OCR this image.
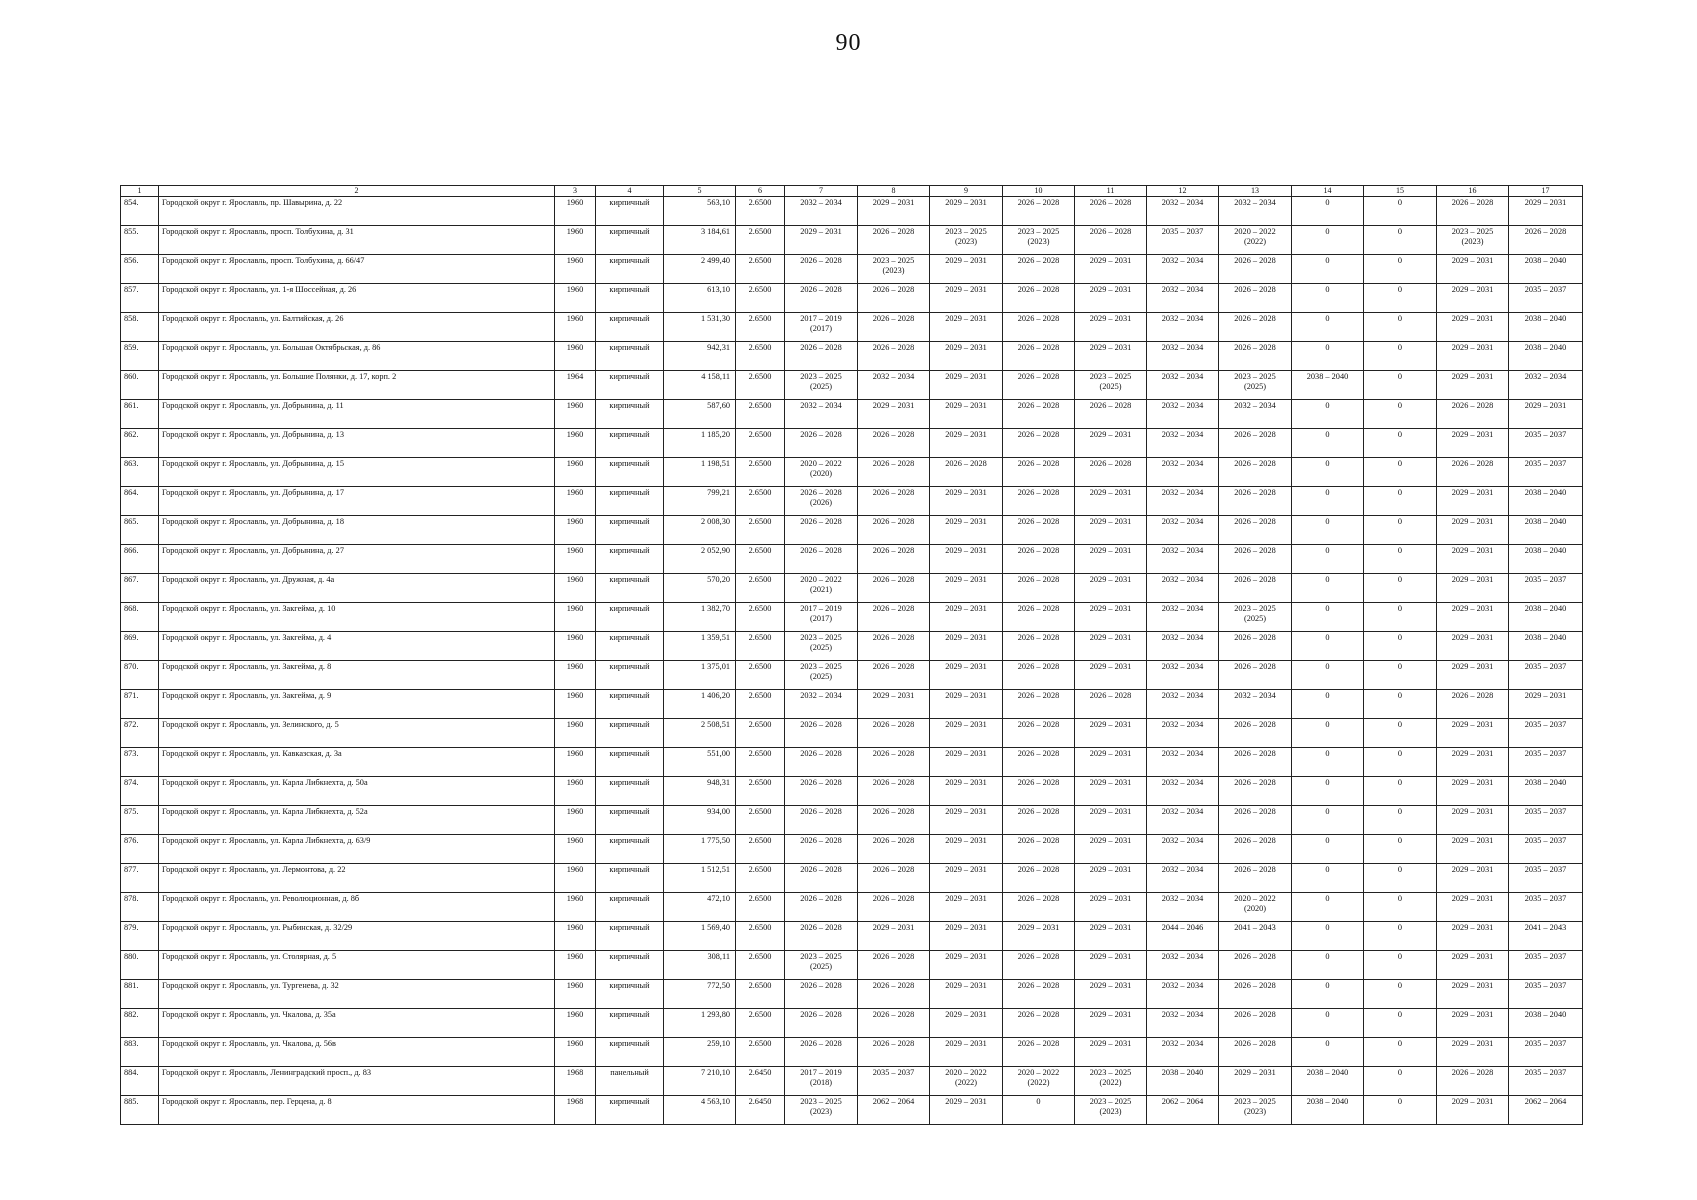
90
1	2	3	4	5	6	7	8	9	10	11	12	13	14	15	16	17
854.	Городской округ г. Ярославль, пр. Шавырина, д. 22	1960	кирпичный	563,10	2.6500	2032 – 2034	2029 – 2031	2029 – 2031	2026 – 2028	2026 – 2028	2032 – 2034	2032 – 2034	0	0	2026 – 2028	2029 – 2031
855.	Городской округ г. Ярославль, просп. Толбухина, д. 31	1960	кирпичный	3 184,61	2.6500	2029 – 2031	2026 – 2028	2023 – 2025
(2023)	2023 – 2025
(2023)	2026 – 2028	2035 – 2037	2020 – 2022
(2022)	0	0	2023 – 2025
(2023)	2026 – 2028
856.	Городской округ г. Ярославль, просп. Толбухина, д. 66/47	1960	кирпичный	2 499,40	2.6500	2026 – 2028	2023 – 2025
(2023)	2029 – 2031	2026 – 2028	2029 – 2031	2032 – 2034	2026 – 2028	0	0	2029 – 2031	2038 – 2040
857.	Городской округ г. Ярославль, ул. 1-я Шоссейная, д. 26	1960	кирпичный	613,10	2.6500	2026 – 2028	2026 – 2028	2029 – 2031	2026 – 2028	2029 – 2031	2032 – 2034	2026 – 2028	0	0	2029 – 2031	2035 – 2037
858.	Городской округ г. Ярославль, ул. Балтийская, д. 26	1960	кирпичный	1 531,30	2.6500	2017 – 2019
(2017)	2026 – 2028	2029 – 2031	2026 – 2028	2029 – 2031	2032 – 2034	2026 – 2028	0	0	2029 – 2031	2038 – 2040
859.	Городской округ г. Ярославль, ул. Большая Октябрьская, д. 86	1960	кирпичный	942,31	2.6500	2026 – 2028	2026 – 2028	2029 – 2031	2026 – 2028	2029 – 2031	2032 – 2034	2026 – 2028	0	0	2029 – 2031	2038 – 2040
860.	Городской округ г. Ярославль, ул. Большие Полянки, д. 17, корп. 2	1964	кирпичный	4 158,11	2.6500	2023 – 2025
(2025)	2032 – 2034	2029 – 2031	2026 – 2028	2023 – 2025
(2025)	2032 – 2034	2023 – 2025
(2025)	2038 – 2040	0	2029 – 2031	2032 – 2034
861.	Городской округ г. Ярославль, ул. Добрынина, д. 11	1960	кирпичный	587,60	2.6500	2032 – 2034	2029 – 2031	2029 – 2031	2026 – 2028	2026 – 2028	2032 – 2034	2032 – 2034	0	0	2026 – 2028	2029 – 2031
862.	Городской округ г. Ярославль, ул. Добрынина, д. 13	1960	кирпичный	1 185,20	2.6500	2026 – 2028	2026 – 2028	2029 – 2031	2026 – 2028	2029 – 2031	2032 – 2034	2026 – 2028	0	0	2029 – 2031	2035 – 2037
863.	Городской округ г. Ярославль, ул. Добрынина, д. 15	1960	кирпичный	1 198,51	2.6500	2020 – 2022
(2020)	2026 – 2028	2026 – 2028	2026 – 2028	2026 – 2028	2032 – 2034	2026 – 2028	0	0	2026 – 2028	2035 – 2037
864.	Городской округ г. Ярославль, ул. Добрынина, д. 17	1960	кирпичный	799,21	2.6500	2026 – 2028
(2026)	2026 – 2028	2029 – 2031	2026 – 2028	2029 – 2031	2032 – 2034	2026 – 2028	0	0	2029 – 2031	2038 – 2040
865.	Городской округ г. Ярославль, ул. Добрынина, д. 18	1960	кирпичный	2 008,30	2.6500	2026 – 2028	2026 – 2028	2029 – 2031	2026 – 2028	2029 – 2031	2032 – 2034	2026 – 2028	0	0	2029 – 2031	2038 – 2040
866.	Городской округ г. Ярославль, ул. Добрынина, д. 27	1960	кирпичный	2 052,90	2.6500	2026 – 2028	2026 – 2028	2029 – 2031	2026 – 2028	2029 – 2031	2032 – 2034	2026 – 2028	0	0	2029 – 2031	2038 – 2040
867.	Городской округ г. Ярославль, ул. Дружная, д. 4а	1960	кирпичный	570,20	2.6500	2020 – 2022
(2021)	2026 – 2028	2029 – 2031	2026 – 2028	2029 – 2031	2032 – 2034	2026 – 2028	0	0	2029 – 2031	2035 – 2037
868.	Городской округ г. Ярославль, ул. Закгейма, д. 10	1960	кирпичный	1 382,70	2.6500	2017 – 2019
(2017)	2026 – 2028	2029 – 2031	2026 – 2028	2029 – 2031	2032 – 2034	2023 – 2025
(2025)	0	0	2029 – 2031	2038 – 2040
869.	Городской округ г. Ярославль, ул. Закгейма, д. 4	1960	кирпичный	1 359,51	2.6500	2023 – 2025
(2025)	2026 – 2028	2029 – 2031	2026 – 2028	2029 – 2031	2032 – 2034	2026 – 2028	0	0	2029 – 2031	2038 – 2040
870.	Городской округ г. Ярославль, ул. Закгейма, д. 8	1960	кирпичный	1 375,01	2.6500	2023 – 2025
(2025)	2026 – 2028	2029 – 2031	2026 – 2028	2029 – 2031	2032 – 2034	2026 – 2028	0	0	2029 – 2031	2035 – 2037
871.	Городской округ г. Ярославль, ул. Закгейма, д. 9	1960	кирпичный	1 406,20	2.6500	2032 – 2034	2029 – 2031	2029 – 2031	2026 – 2028	2026 – 2028	2032 – 2034	2032 – 2034	0	0	2026 – 2028	2029 – 2031
872.	Городской округ г. Ярославль, ул. Зелинского, д. 5	1960	кирпичный	2 508,51	2.6500	2026 – 2028	2026 – 2028	2029 – 2031	2026 – 2028	2029 – 2031	2032 – 2034	2026 – 2028	0	0	2029 – 2031	2035 – 2037
873.	Городской округ г. Ярославль, ул. Кавказская, д. 3а	1960	кирпичный	551,00	2.6500	2026 – 2028	2026 – 2028	2029 – 2031	2026 – 2028	2029 – 2031	2032 – 2034	2026 – 2028	0	0	2029 – 2031	2035 – 2037
874.	Городской округ г. Ярославль, ул. Карла Либкнехта, д. 50а	1960	кирпичный	948,31	2.6500	2026 – 2028	2026 – 2028	2029 – 2031	2026 – 2028	2029 – 2031	2032 – 2034	2026 – 2028	0	0	2029 – 2031	2038 – 2040
875.	Городской округ г. Ярославль, ул. Карла Либкнехта, д. 52а	1960	кирпичный	934,00	2.6500	2026 – 2028	2026 – 2028	2029 – 2031	2026 – 2028	2029 – 2031	2032 – 2034	2026 – 2028	0	0	2029 – 2031	2035 – 2037
876.	Городской округ г. Ярославль, ул. Карла Либкнехта, д. 63/9	1960	кирпичный	1 775,50	2.6500	2026 – 2028	2026 – 2028	2029 – 2031	2026 – 2028	2029 – 2031	2032 – 2034	2026 – 2028	0	0	2029 – 2031	2035 – 2037
877.	Городской округ г. Ярославль, ул. Лермонтова, д. 22	1960	кирпичный	1 512,51	2.6500	2026 – 2028	2026 – 2028	2029 – 2031	2026 – 2028	2029 – 2031	2032 – 2034	2026 – 2028	0	0	2029 – 2031	2035 – 2037
878.	Городской округ г. Ярославль, ул. Революционная, д. 8б	1960	кирпичный	472,10	2.6500	2026 – 2028	2026 – 2028	2029 – 2031	2026 – 2028	2029 – 2031	2032 – 2034	2020 – 2022
(2020)	0	0	2029 – 2031	2035 – 2037
879.	Городской округ г. Ярославль, ул. Рыбинская, д. 32/29	1960	кирпичный	1 569,40	2.6500	2026 – 2028	2029 – 2031	2029 – 2031	2029 – 2031	2029 – 2031	2044 – 2046	2041 – 2043	0	0	2029 – 2031	2041 – 2043
880.	Городской округ г. Ярославль, ул. Столярная, д. 5	1960	кирпичный	308,11	2.6500	2023 – 2025
(2025)	2026 – 2028	2029 – 2031	2026 – 2028	2029 – 2031	2032 – 2034	2026 – 2028	0	0	2029 – 2031	2035 – 2037
881.	Городской округ г. Ярославль, ул. Тургенева, д. 32	1960	кирпичный	772,50	2.6500	2026 – 2028	2026 – 2028	2029 – 2031	2026 – 2028	2029 – 2031	2032 – 2034	2026 – 2028	0	0	2029 – 2031	2035 – 2037
882.	Городской округ г. Ярославль, ул. Чкалова, д. 35а	1960	кирпичный	1 293,80	2.6500	2026 – 2028	2026 – 2028	2029 – 2031	2026 – 2028	2029 – 2031	2032 – 2034	2026 – 2028	0	0	2029 – 2031	2038 – 2040
883.	Городской округ г. Ярославль, ул. Чкалова, д. 56в	1960	кирпичный	259,10	2.6500	2026 – 2028	2026 – 2028	2029 – 2031	2026 – 2028	2029 – 2031	2032 – 2034	2026 – 2028	0	0	2029 – 2031	2035 – 2037
884.	Городской округ г. Ярославль, Ленинградский просп., д. 83	1968	панельный	7 210,10	2.6450	2017 – 2019
(2018)	2035 – 2037	2020 – 2022
(2022)	2020 – 2022
(2022)	2023 – 2025
(2022)	2038 – 2040	2029 – 2031	2038 – 2040	0	2026 – 2028	2035 – 2037
885.	Городской округ г. Ярославль, пер. Герцена, д. 8	1968	кирпичный	4 563,10	2.6450	2023 – 2025
(2023)	2062 – 2064	2029 – 2031	0	2023 – 2025
(2023)	2062 – 2064	2023 – 2025
(2023)	2038 – 2040	0	2029 – 2031	2062 – 2064
